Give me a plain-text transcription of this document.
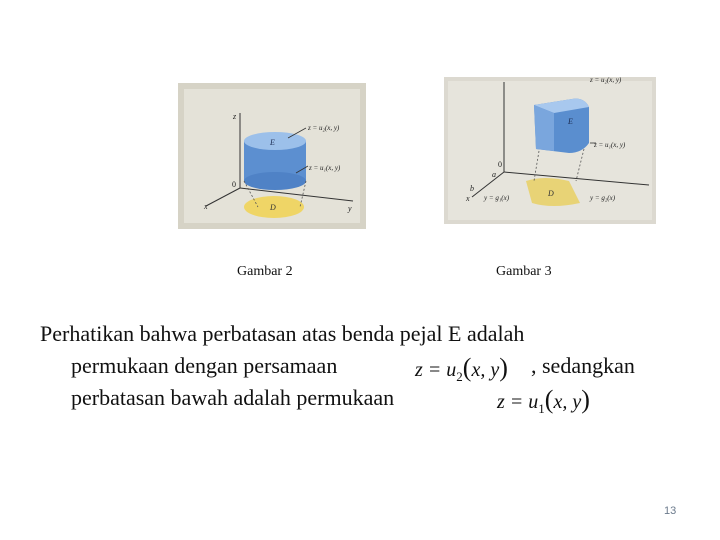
z
E
z = u₂(x, y)
z = u₁(x, y)
0
D
x	y
z = u₂(x, y)
E
z = u₁(x, y)
0
a
b
x y = g₁(x)	D	y = g₂(x)
Gambar 2	Gambar 3
Perhatikan bahwa perbatasan atas benda pejal E adalah
permukaan dengan persamaan	$z = u_2(x$, y) , sedangkan
perbatasan bawah adalah permukaan	$z = u_1(x$, y)
13
